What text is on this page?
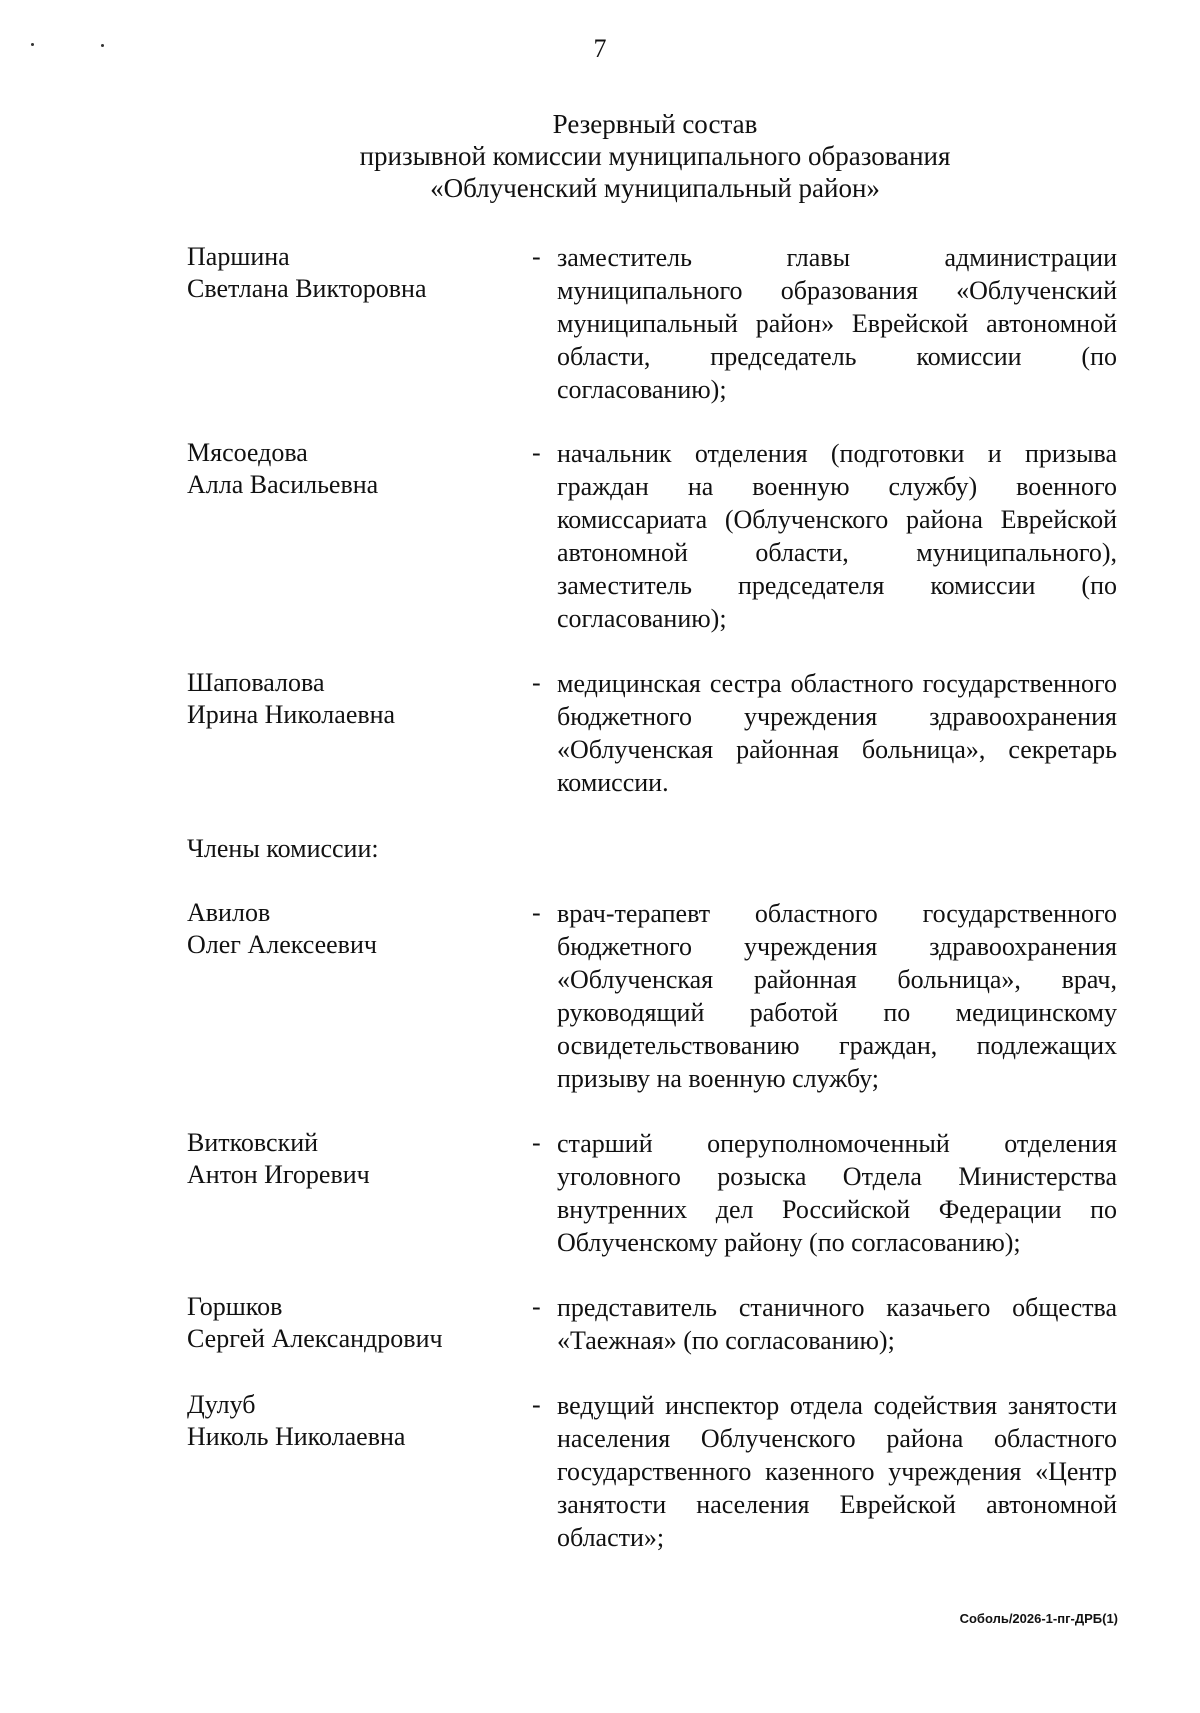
7
Резервный состав
призывной комиссии муниципального образования
«Облученский муниципальный район»
Паршина
Светлана Викторовна
- заместитель главы администрации муниципального образования «Облученский муниципальный район» Еврейской автономной области, председатель комиссии (по согласованию);
Мясоедова
Алла Васильевна
- начальник отделения (подготовки и призыва граждан на военную службу) военного комиссариата (Облученского района Еврейской автономной области, муниципального), заместитель председателя комиссии (по согласованию);
Шаповалова
Ирина Николаевна
- медицинская сестра областного государственного бюджетного учреждения здравоохранения «Облученская районная больница», секретарь комиссии.
Члены комиссии:
Авилов
Олег Алексеевич
- врач-терапевт областного государственного бюджетного учреждения здравоохранения «Облученская районная больница», врач, руководящий работой по медицинскому освидетельствованию граждан, подлежащих призыву на военную службу;
Витковский
Антон Игоревич
- старший оперуполномоченный отделения уголовного розыска Отдела Министерства внутренних дел Российской Федерации по Облученскому району (по согласованию);
Горшков
Сергей Александрович
- представитель станичного казачьего общества «Таежная» (по согласованию);
Дулуб
Николь Николаевна
- ведущий инспектор отдела содействия занятости населения Облученского района областного государственного казенного учреждения «Центр занятости населения Еврейской автономной области»;
Соболь/2026-1-пг-ДРБ(1)
